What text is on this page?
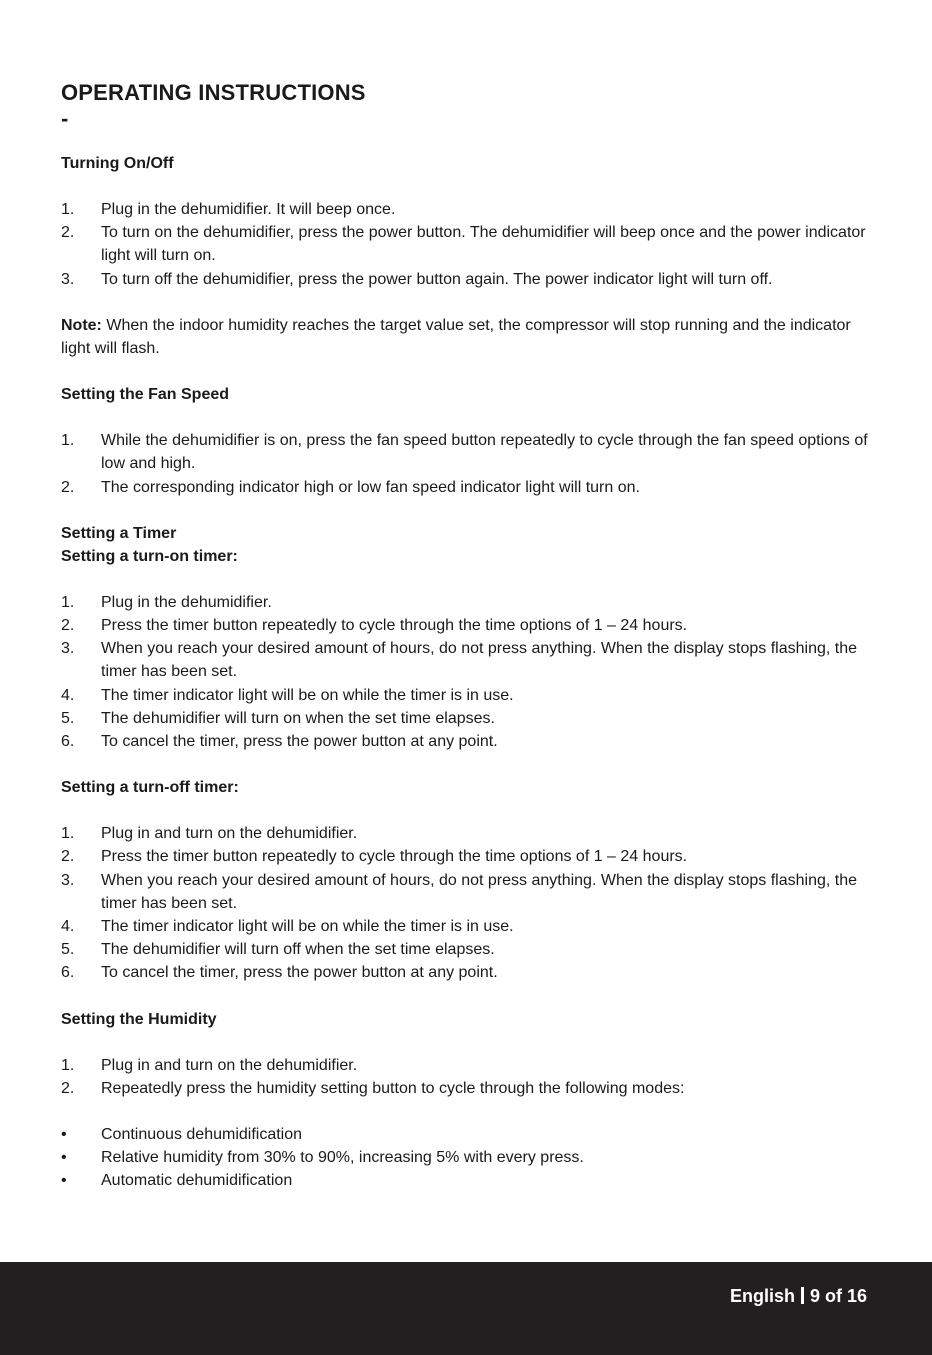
OPERATING INSTRUCTIONS
-
Turning On/Off
1.	Plug in the dehumidifier. It will beep once.
2.	To turn on the dehumidifier, press the power button. The dehumidifier will beep once and the power indicator light will turn on.
3.	To turn off the dehumidifier, press the power button again. The power indicator light will turn off.

Note: When the indoor humidity reaches the target value set, the compressor will stop running and the indicator light will flash.

Setting the Fan Speed
1.	While the dehumidifier is on, press the fan speed button repeatedly to cycle through the fan speed options of low and high.
2.	The corresponding indicator high or low fan speed indicator light will turn on.
Setting a Timer
Setting a turn-on timer:
1.	Plug in the dehumidifier.
2.	Press the timer button repeatedly to cycle through the time options of 1 – 24 hours.
3.	When you reach your desired amount of hours, do not press anything. When the display stops flashing, the timer has been set.
4.	The timer indicator light will be on while the timer is in use.
5.	The dehumidifier will turn on when the set time elapses.
6.	To cancel the timer, press the power button at any point.
Setting a turn-off timer:
1.	Plug in and turn on the dehumidifier.
2.	Press the timer button repeatedly to cycle through the time options of 1 – 24 hours.
3.	When you reach your desired amount of hours, do not press anything. When the display stops flashing, the timer has been set.
4.	The timer indicator light will be on while the timer is in use.
5.	The dehumidifier will turn off when the set time elapses.
6.	To cancel the timer, press the power button at any point.
Setting the Humidity
1.	Plug in and turn on the dehumidifier.
2.	Repeatedly press the humidity setting button to cycle through the following modes:
•	Continuous dehumidification
•	Relative humidity from 30% to 90%, increasing 5% with every press.
•	Automatic dehumidification
English 9 of 16
